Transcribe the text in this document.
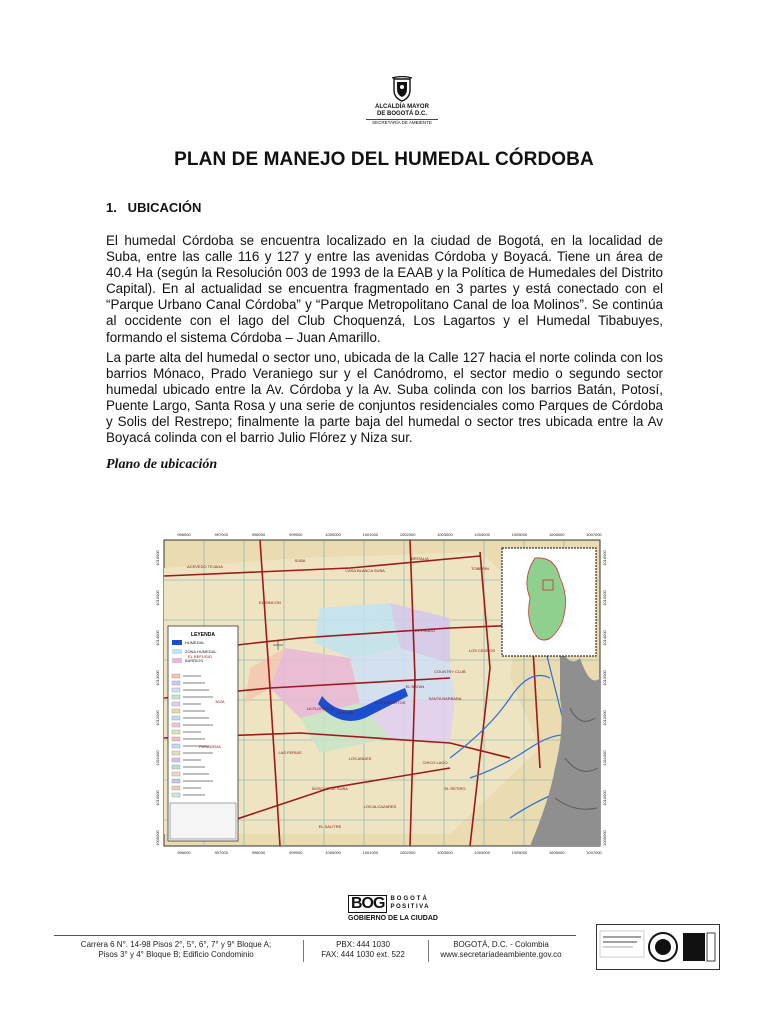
ALCALDÍA MAYOR
DE BOGOTÁ D.C.
SECRETARÍA DE AMBIENTE
PLAN DE MANEJO DEL HUMEDAL CÓRDOBA
1.   UBICACIÓN
El humedal Córdoba se encuentra localizado en la ciudad de Bogotá, en la localidad de Suba, entre las calle 116 y 127 y entre las avenidas Córdoba y Boyacá. Tiene un área de 40.4 Ha (según la Resolución 003 de 1993 de la EAAB y la Política de Humedales del Distrito Capital). En al actualidad se encuentra fragmentado en 3 partes y está conectado con el “Parque Urbano Canal Córdoba” y “Parque Metropolitano Canal de loa Molinos”. Se continúa al occidente con el lago del Club Choquenzá, Los Lagartos y el Humedal Tibabuyes, formando el sistema Córdoba – Juan Amarillo.
La parte alta del humedal o sector uno, ubicada de la Calle 127 hacia el norte colinda con los barrios Mónaco, Prado Veraniego sur y el Canódromo, el sector medio o segundo sector humedal ubicado entre la Av. Córdoba y la Av. Suba colinda con los barrios Batán, Potosí, Puente Largo, Santa Rosa y una serie de conjuntos residenciales como Parques de Córdoba y Solis del Restrepo; finalmente la parte baja del humedal o sector tres ubicada entre la Av Boyacá colinda con el barrio Julio Flórez y Niza sur.
Plano de ubicación
LEYENDA
HUMEDAL
ZONA HUMEDAL
BARRIOS
SUBA
CASA BLANCA SUBA
BRITALIA
TOBERIN
EL RINCON
EL PRADO
LOS CEDROS
COUNTRY CLUB
EL BATAN
SANTA BARBARA
LOS LAGARTOS
LA FLORESTA
BOLIVIA
LAS FERIAS
LOS ANDES
CHICO LAGO
EL RETIRO
LOS ALCAZARES
EL SALITRE
BOSQUE DE SUBA
NIZA
PASADENA
ACEVEDO TEJADA
EL REFUGIO
996000	997000	998000	999000	1000000	1001000	1002000	1003000	1004000	1005000	1006000	1007000
996000	997000	998000	999000	1000000	1001000	1002000	1003000	1004000	1005000	1006000	1007000
1016000
1015000
1014000
1013000
1012000
1011000
1010000
1009000
1016000
1015000
1014000
1013000
1012000
1011000
1010000
1009000
BOG	BOGOTÁ
POSITIVA
GOBIERNO DE LA CIUDAD
Carrera 6 N°. 14-98 Pisos 2°, 5°, 6°, 7° y 9° Bloque A;
Pisos 3° y 4° Bloque B; Edificio Condominio
PBX: 444 1030
FAX: 444 1030 ext. 522
BOGOTÁ, D.C. - Colombia
www.secretariadeambiente.gov.co
